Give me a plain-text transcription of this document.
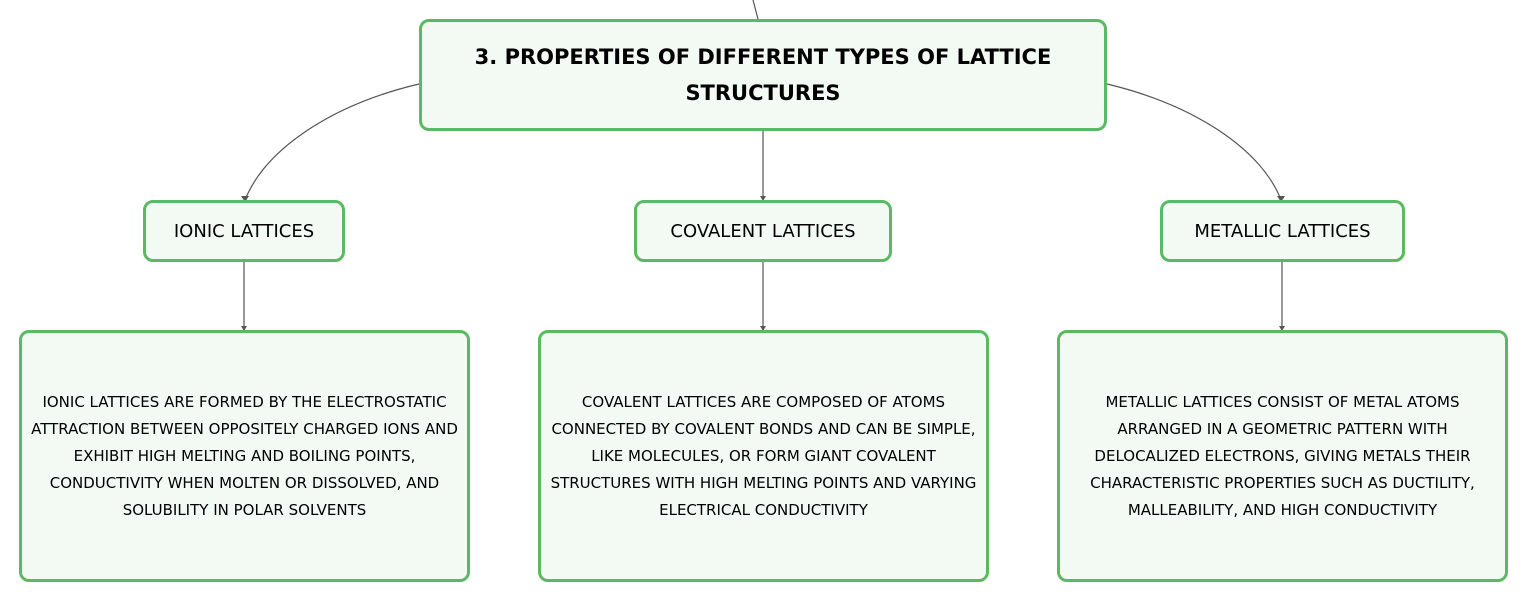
3. PROPERTIES OF DIFFERENT TYPES OF LATTICE STRUCTURES
IONIC LATTICES	COVALENT LATTICES	METALLIC LATTICES
IONIC LATTICES ARE FORMED BY THE ELECTROSTATIC ATTRACTION BETWEEN OPPOSITELY CHARGED IONS AND EXHIBIT HIGH MELTING AND BOILING POINTS, CONDUCTIVITY WHEN MOLTEN OR DISSOLVED, AND SOLUBILITY IN POLAR SOLVENTS
COVALENT LATTICES ARE COMPOSED OF ATOMS CONNECTED BY COVALENT BONDS AND CAN BE SIMPLE, LIKE MOLECULES, OR FORM GIANT COVALENT STRUCTURES WITH HIGH MELTING POINTS AND VARYING ELECTRICAL CONDUCTIVITY
METALLIC LATTICES CONSIST OF METAL ATOMS ARRANGED IN A GEOMETRIC PATTERN WITH DELOCALIZED ELECTRONS, GIVING METALS THEIR CHARACTERISTIC PROPERTIES SUCH AS DUCTILITY, MALLEABILITY, AND HIGH CONDUCTIVITY
